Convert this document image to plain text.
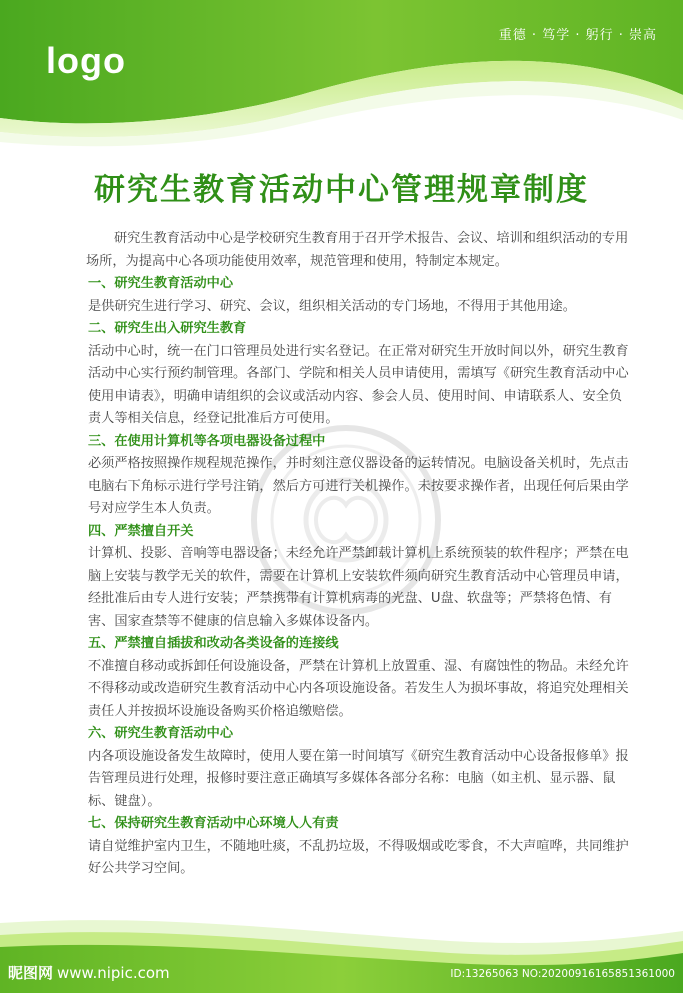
logo
重德 · 笃学 · 躬行 · 崇高
研究生教育活动中心管理规章制度

研究生教育活动中心是学校研究生教育用于召开学术报告、会议、培训和组织活动的专用场所，为提高中心各项功能使用效率，规范管理和使用，特制定本规定。

一、研究生教育活动中心

是供研究生进行学习、研究、会议，组织相关活动的专门场地，不得用于其他用途。

二、研究生出入研究生教育

活动中心时，统一在门口管理员处进行实名登记。在正常对研究生开放时间以外，研究生教育活动中心实行预约制管理。各部门、学院和相关人员申请使用，需填写《研究生教育活动中心使用申请表》，明确申请组织的会议或活动内容、参会人员、使用时间、申请联系人、安全负责人等相关信息，经登记批准后方可使用。

三、在使用计算机等各项电器设备过程中

必须严格按照操作规程规范操作，并时刻注意仪器设备的运转情况。电脑设备关机时，先点击电脑右下角标示进行学号注销，然后方可进行关机操作。未按要求操作者，出现任何后果由学号对应学生本人负责。

四、严禁擅自开关

计算机、投影、音响等电器设备；未经允许严禁卸载计算机上系统预装的软件程序；严禁在电脑上安装与教学无关的软件，需要在计算机上安装软件须向研究生教育活动中心管理员申请，经批准后由专人进行安装；严禁携带有计算机病毒的光盘、U盘、软盘等；严禁将色情、有害、国家查禁等不健康的信息输入多媒体设备内。

五、严禁擅自插拔和改动各类设备的连接线

不准擅自移动或拆卸任何设施设备，严禁在计算机上放置重、湿、有腐蚀性的物品。未经允许不得移动或改造研究生教育活动中心内各项设施设备。若发生人为损坏事故，将追究处理相关责任人并按损坏设施设备购买价格追缴赔偿。

六、研究生教育活动中心

内各项设施设备发生故障时，使用人要在第一时间填写《研究生教育活动中心设备报修单》报告管理员进行处理，报修时要注意正确填写多媒体各部分名称：电脑（如主机、显示器、鼠标、键盘）。

七、保持研究生教育活动中心环境人人有责

请自觉维护室内卫生，不随地吐痰，不乱扔垃圾，不得吸烟或吃零食，不大声喧哗，共同维护好公共学习空间。

昵图网 www.nipic.com	ID:13265063 NO:20200916165851361000
